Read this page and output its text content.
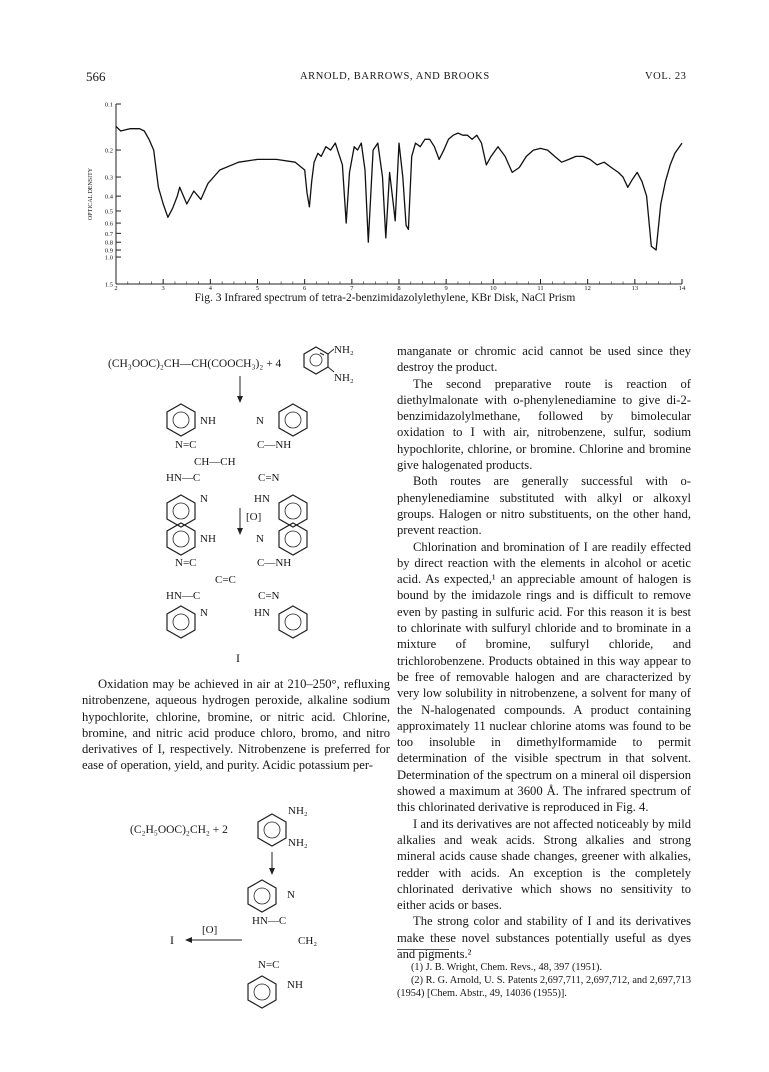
566	ARNOLD, BARROWS, AND BROOKS	VOL. 23
0.1
0.2
0.3
0.4
0.5
0.6
0.7
0.8
0.9
1.0
1.5
OPTICAL DENSITY
2	3	4	5	6	7	8	9	10	11	12	13	14
Fig. 3 Infrared spectrum of tetra-2-benzimidazolylethylene, KBr Disk, NaCl Prism
(CH₃OOC)₂CH—CH(COOCH₃)₂ + 4
NH₂
NH₂
NH
N=C
N
C—NH
CH—CH
HN—C	C=N
N	HN
[O]
NH
N=C
N
C—NH
C=C
HN—C	C=N
N	HN
I

Oxidation may be achieved in air at 210–250°, refluxing nitrobenzene, aqueous hydrogen peroxide, alkaline sodium hypochlorite, chlorine, bromine, or nitric acid. Chlorine, bromine, and nitric acid produce chloro, bromo, and nitro derivatives of I, respectively. Nitrobenzene is preferred for ease of operation, yield, and purity. Acidic potassium per-

(C₂H₅OOC)₂CH₂ + 2
NH₂
NH₂
N
HN—C
CH₂
N=C
NH
[O]
I

manganate or chromic acid cannot be used since they destroy the product.

The second preparative route is reaction of diethylmalonate with o-phenylenediamine to give di-2-benzimidazolylmethane, followed by bimolecular oxidation to I with air, nitrobenzene, sulfur, sodium hypochlorite, chlorine, or bromine. Chlorine and bromine give halogenated products.

Both routes are generally successful with o-phenylenediamine substituted with alkyl or alkoxyl groups. Halogen or nitro substituents, on the other hand, prevent reaction.

Chlorination and bromination of I are readily effected by direct reaction with the elements in alcohol or acetic acid. As expected,¹ an appreciable amount of halogen is bound by the imidazole rings and is difficult to remove even by pasting in sulfuric acid. For this reason it is best to chlorinate with sulfuryl chloride and to brominate in a mixture of bromine, sulfuryl chloride, and trichlorobenzene. Products obtained in this way appear to be free of removable halogen and are characterized by very low solubility in nitrobenzene, a solvent for many of the N-halogenated compounds. A product containing approximately 11 nuclear chlorine atoms was found to be too insoluble in dimethylformamide to permit determination of the visible spectrum in that solvent. Determination of the spectrum on a mineral oil dispersion showed a maximum at 3600 Å. The infrared spectrum of this chlorinated derivative is reproduced in Fig. 4.

I and its derivatives are not affected noticeably by mild alkalies and weak acids. Strong alkalies and strong mineral acids cause shade changes, greener with alkalies, redder with acids. An exception is the completely chlorinated derivative which shows no sensitivity to either acids or bases.

The strong color and stability of I and its derivatives make these novel substances potentially useful as dyes and pigments.²

(1) J. B. Wright, Chem. Revs., 48, 397 (1951).

(2) R. G. Arnold, U. S. Patents 2,697,711, 2,697,712, and 2,697,713 (1954) [Chem. Abstr., 49, 14036 (1955)].
